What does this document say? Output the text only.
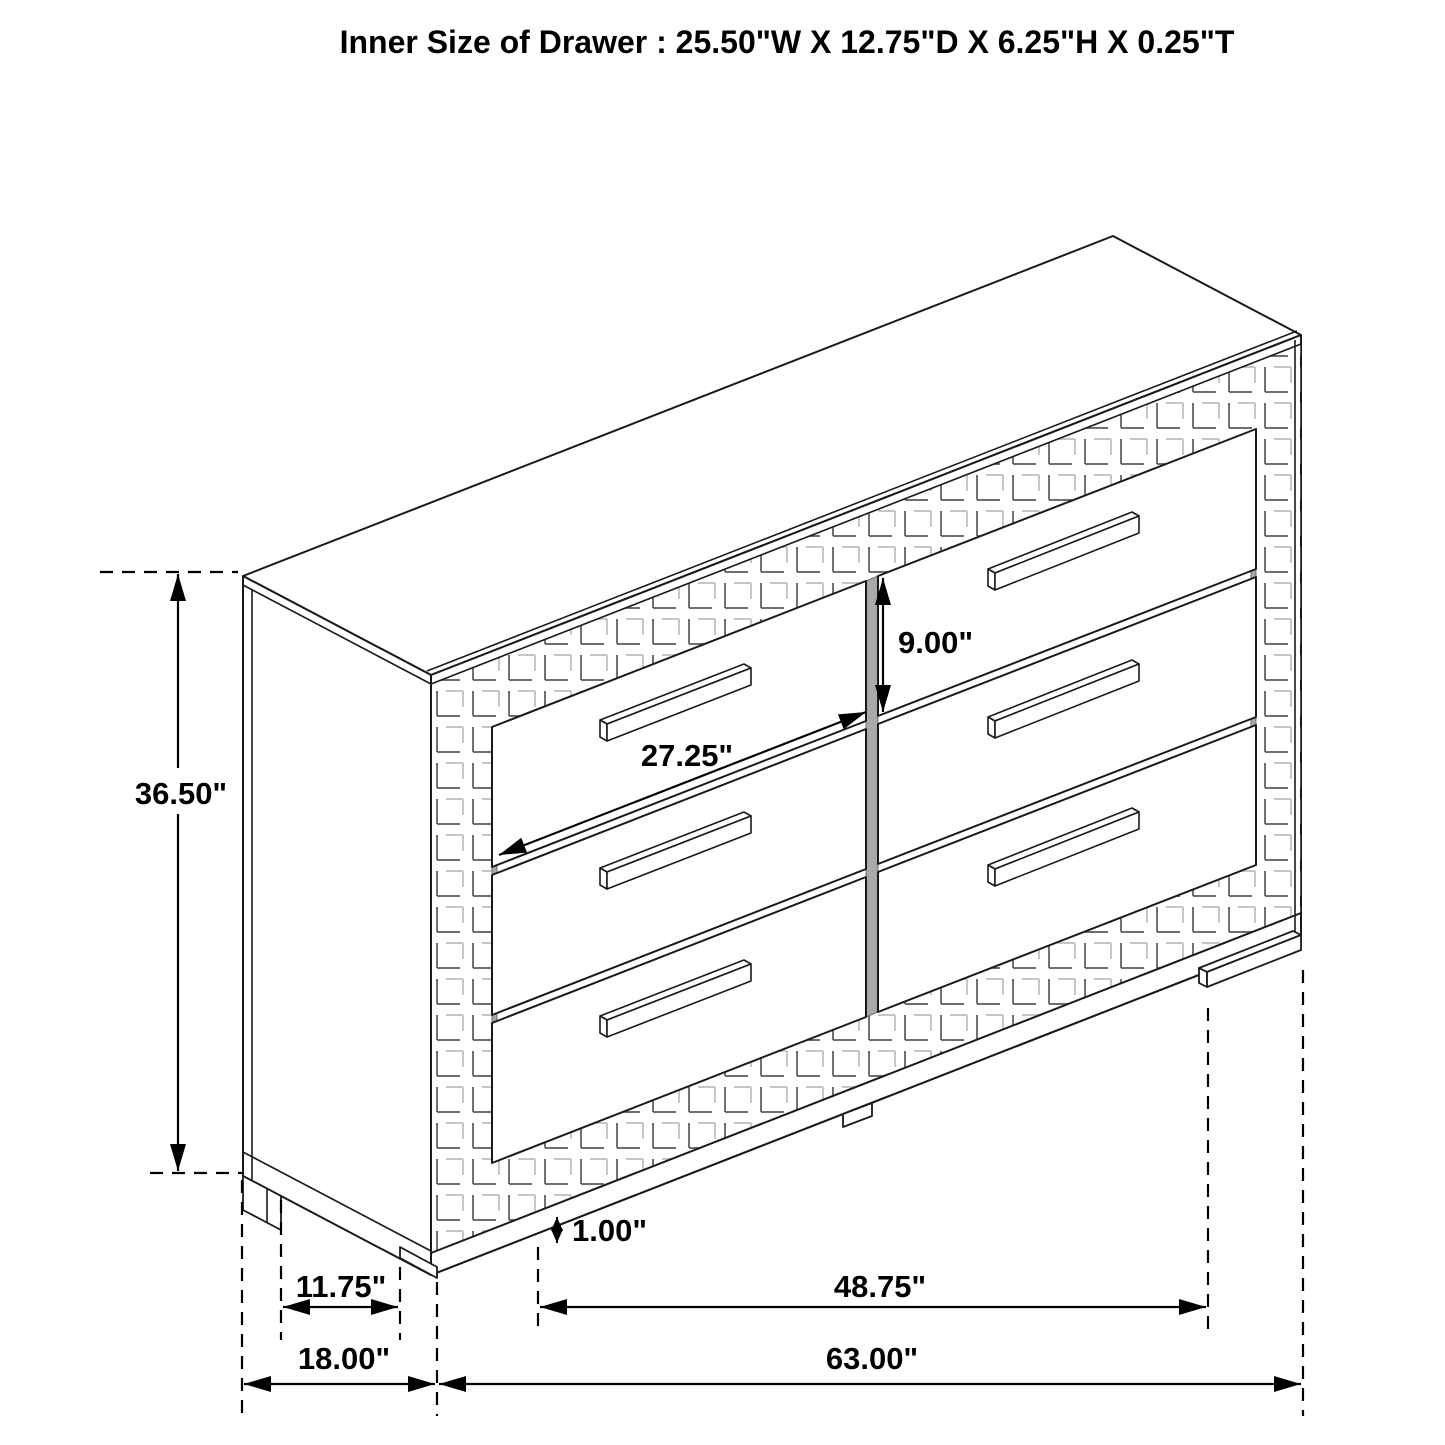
36.50"
9.00"
27.25"
1.00"
11.75"
18.00"
48.75"
63.00"
Inner Size of Drawer : 25.50"W X 12.75"D X 6.25"H X 0.25"T
